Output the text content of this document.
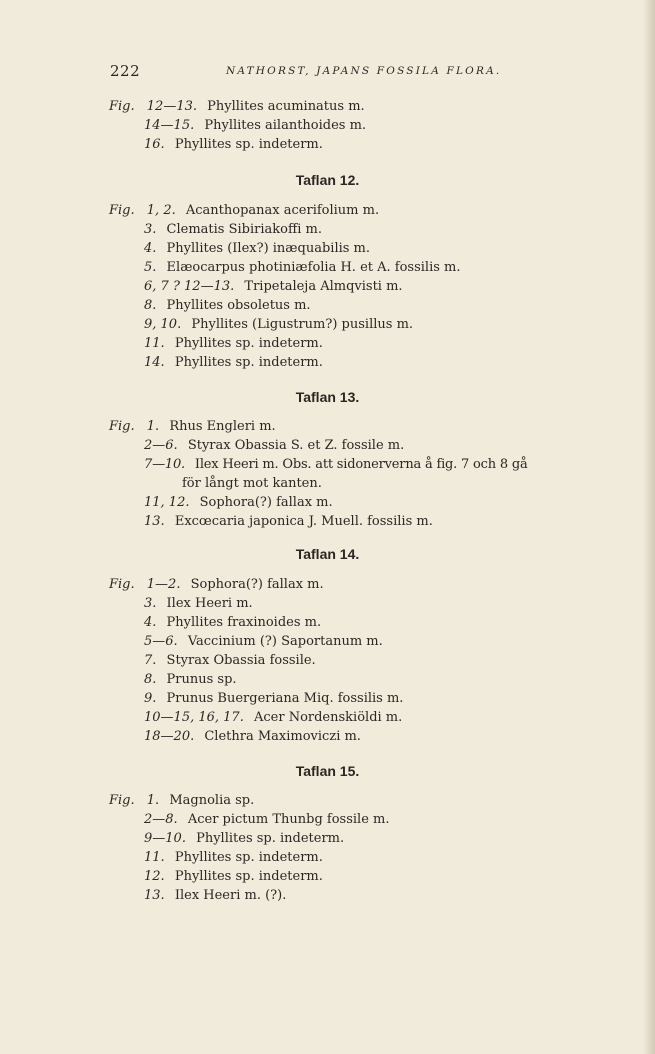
222	NATHORST, JAPANS FOSSILA FLORA.
Fig. 12—13. Phyllites acuminatus m.
14—15. Phyllites ailanthoides m.
16. Phyllites sp. indeterm.
Taflan 12.
Fig. 1, 2. Acanthopanax acerifolium m.
3. Clematis Sibiriakoffi m.
4. Phyllites (Ilex?) inæquabilis m.
5. Elæocarpus photiniæfolia H. et A. fossilis m.
6, 7 ? 12—13. Tripetaleja Almqvisti m.
8. Phyllites obsoletus m.
9, 10. Phyllites (Ligustrum?) pusillus m.
11. Phyllites sp. indeterm.
14. Phyllites sp. indeterm.
Taflan 13.
Fig. 1. Rhus Engleri m.
2—6. Styrax Obassia S. et Z. fossile m.
7—10. Ilex Heeri m. Obs. att sidonerverna å fig. 7 och 8 gå
för långt mot kanten.
11, 12. Sophora(?) fallax m.
13. Excœcaria japonica J. Muell. fossilis m.
Taflan 14.
Fig. 1—2. Sophora(?) fallax m.
3. Ilex Heeri m.
4. Phyllites fraxinoides m.
5—6. Vaccinium (?) Saportanum m.
7. Styrax Obassia fossile.
8. Prunus sp.
9. Prunus Buergeriana Miq. fossilis m.
10—15, 16, 17. Acer Nordenskiöldi m.
18—20. Clethra Maximoviczi m.
Taflan 15.
Fig. 1. Magnolia sp.
2—8. Acer pictum Thunbg fossile m.
9—10. Phyllites sp. indeterm.
11. Phyllites sp. indeterm.
12. Phyllites sp. indeterm.
13. Ilex Heeri m. (?).
